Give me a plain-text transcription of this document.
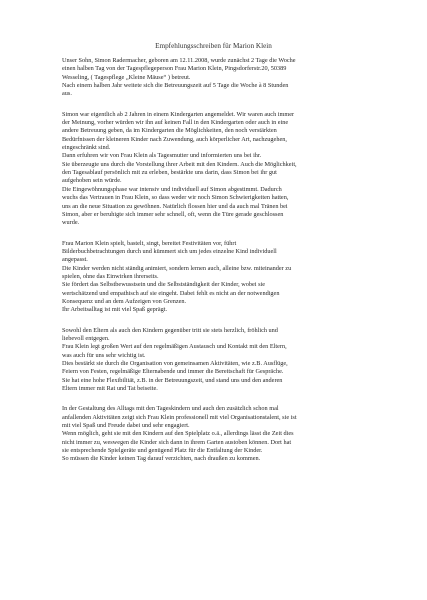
Empfehlungsschreiben für Marion Klein
Unser Sohn, Simon Radermacher, geboren am 12.11.2008, wurde zunächst 2 Tage die Woche
einen halben Tag von der Tagespflegeperson Frau Marion Klein, Pingsdorferstr.20, 50389
Wesseling, ( Tagespflege „Kleine Mäuse“ ) betreut.
Nach einem halben Jahr weitete sich die Betreuungszeit auf 5 Tage die Woche à 8 Stunden
aus.
Simon war eigentlich ab 2 Jahren in einem Kindergarten angemeldet. Wir waren auch immer
der Meinung, vorher würden wir ihn auf keinen Fall in den Kindergarten oder auch in eine
andere Betreuung geben, da im Kindergarten die Möglichkeiten, den noch verstärkten
Bedürfnissen der kleineren Kinder nach Zuwendung, auch körperlicher Art, nachzugehen,
eingeschränkt sind.
Dann erfuhren wir von Frau Klein als Tagesmutter und informierten uns bei ihr.
Sie überzeugte uns durch die Vorstellung ihrer Arbeit mit den Kindern. Auch die Möglichkeit,
den Tagesablauf persönlich mit zu erleben, bestärkte uns darin, dass Simon bei ihr gut
aufgehoben sein würde.
Die Eingewöhnungsphase war intensiv und individuell auf Simon abgestimmt. Dadurch
wuchs das Vertrauen in Frau Klein, so dass weder wir noch Simon Schwierigkeiten hatten,
uns an die neue Situation zu gewöhnen. Natürlich flossen hier und da auch mal Tränen bei
Simon, aber er beruhigte sich immer sehr schnell, oft, wenn die Türe gerade geschlossen
wurde.
Frau Marion Klein spielt, bastelt, singt, bereitet Festivitäten vor, führt
Bilderbuchbetrachtungen durch und kümmert sich um jedes einzelne Kind individuell
angepasst.
Die Kinder werden nicht ständig animiert, sondern lernen auch, alleine bzw. miteinander zu
spielen, ohne das Einwirken ihrerseits.
Sie fördert das Selbstbewusstsein und die Selbstständigkeit der Kinder, wobei sie
wertschätzend und empathisch auf sie eingeht. Dabei fehlt es nicht an der notwendigen
Konsequenz und an dem Aufzeigen von Grenzen.
Ihr Arbeitsalltag ist mit viel Spaß geprägt.
Sowohl den Eltern als auch den Kindern gegenüber tritt sie stets herzlich, fröhlich und
liebevoll entgegen.
Frau Klein legt großen Wert auf den regelmäßigen Austausch und Kontakt mit den Eltern,
was auch für uns sehr wichtig ist.
Dies bestärkt sie durch die Organisation von gemeinsamen Aktivitäten, wie z.B. Ausflüge,
Feiern von Festen, regelmäßige Elternabende und immer die Bereitschaft für Gespräche.
Sie hat eine hohe Flexibilität, z.B. in der Betreuungszeit, und stand uns und den anderen
Eltern immer mit Rat und Tat beiseite.
In der Gestaltung des Alltags mit den Tageskindern und auch den zusätzlich schon mal
anfallenden Aktivitäten zeigt sich Frau Klein professionell mit viel Organisationstalent, sie ist
mit viel Spaß und Freude dabei und sehr engagiert.
Wenn möglich, geht sie mit den Kindern auf den Spielplatz o.ä., allerdings lässt die Zeit dies
nicht immer zu, weswegen die Kinder sich dann in ihrem Garten austoben können. Dort hat
sie entsprechende Spielgeräte und genügend Platz für die Entfaltung der Kinder.
So müssen die Kinder keinen Tag darauf verzichten, nach draußen zu kommen.
